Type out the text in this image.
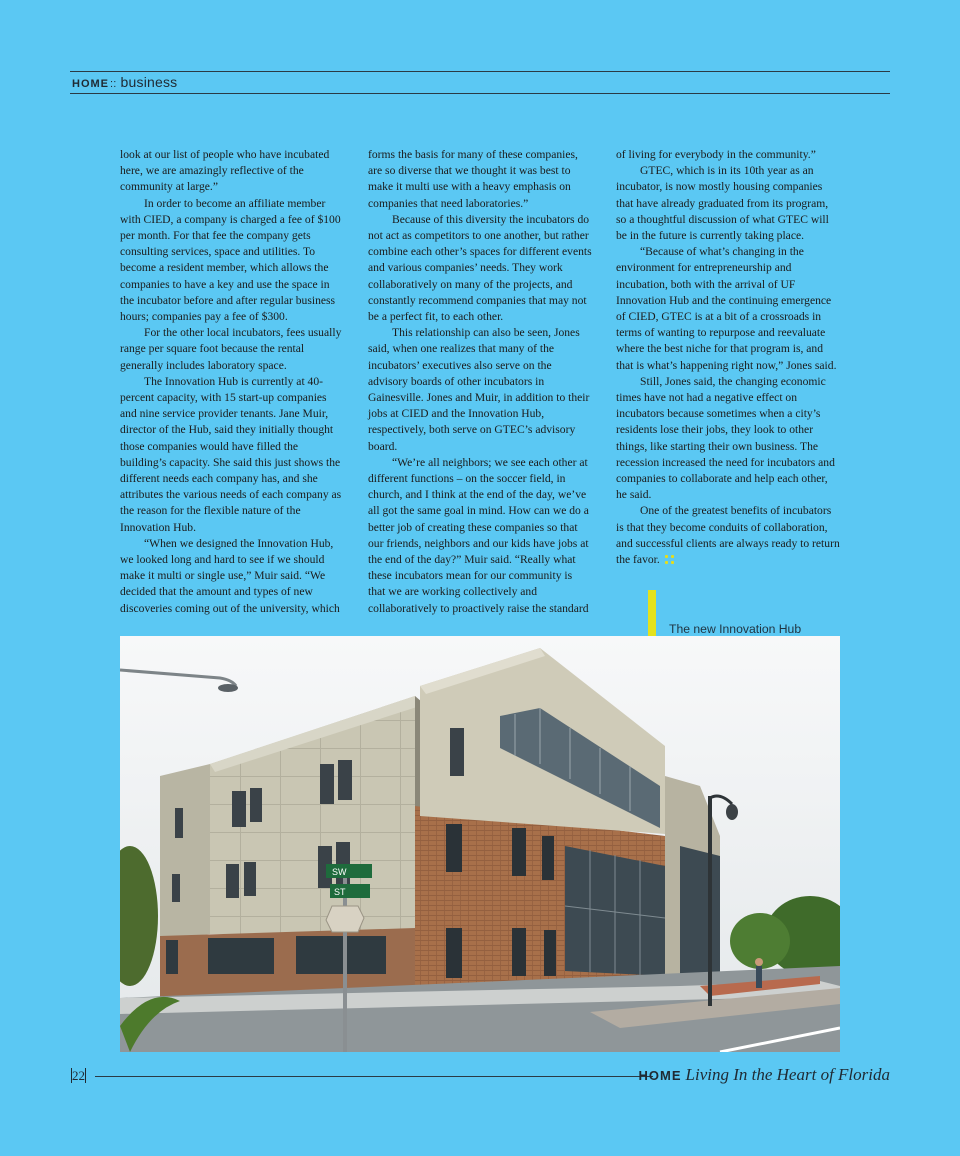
HOME:: business

look at our list of people who have incubated here, we are amazingly reflective of the community at large.”

In order to become an affiliate member with CIED, a company is charged a fee of $100 per month. For that fee the company gets consulting services, space and utilities. To become a resident member, which allows the companies to have a key and use the space in the incubator before and after regular business hours; companies pay a fee of $300.

For the other local incubators, fees usually range per square foot because the rental generally includes laboratory space.

The Innovation Hub is currently at 40-percent capacity, with 15 start-up companies and nine service provider tenants. Jane Muir, director of the Hub, said they initially thought those companies would have filled the building’s capacity. She said this just shows the different needs each company has, and she attributes the various needs of each company as the reason for the flexible nature of the Innovation Hub.

“When we designed the Innovation Hub, we looked long and hard to see if we should make it multi or single use,” Muir said. “We decided that the amount and types of new discoveries coming out of the university, which

forms the basis for many of these companies, are so diverse that we thought it was best to make it multi use with a heavy emphasis on companies that need laboratories.”

Because of this diversity the incubators do not act as competitors to one another, but rather combine each other’s spaces for different events and various companies’ needs. They work collaboratively on many of the projects, and constantly recommend companies that may not be a perfect fit, to each other.

This relationship can also be seen, Jones said, when one realizes that many of the incubators’ executives also serve on the advisory boards of other incubators in Gainesville. Jones and Muir, in addition to their jobs at CIED and the Innovation Hub, respectively, both serve on GTEC’s advisory board.

“We’re all neighbors; we see each other at different functions – on the soccer field, in church, and I think at the end of the day, we’ve all got the same goal in mind. How can we do a better job of creating these companies so that our friends, neighbors and our kids have jobs at the end of the day?” Muir said. “Really what these incubators mean for our community is that we are working collectively and collaboratively to proactively raise the standard

of living for everybody in the community.”

GTEC, which is in its 10th year as an incubator, is now mostly housing companies that have already graduated from its program, so a thoughtful discussion of what GTEC will be in the future is currently taking place.

“Because of what’s changing in the environment for entrepreneurship and incubation, both with the arrival of UF Innovation Hub and the continuing emergence of CIED, GTEC is at a bit of a crossroads in terms of wanting to repurpose and reevaluate where the best niche for that program is, and that is what’s happening right now,” Jones said.

Still, Jones said, the changing economic times have not had a negative effect on incubators because sometimes when a city’s residents lose their jobs, they look to other things, like starting their own business. The recession increased the need for incubators and companies to collaborate and help each other, he said.

One of the greatest benefits of incubators is that they become conduits of collaboration, and successful clients are always ready to return the favor.

The new Innovation Hub
SW
ST
22	HOME Living In the Heart of Florida
